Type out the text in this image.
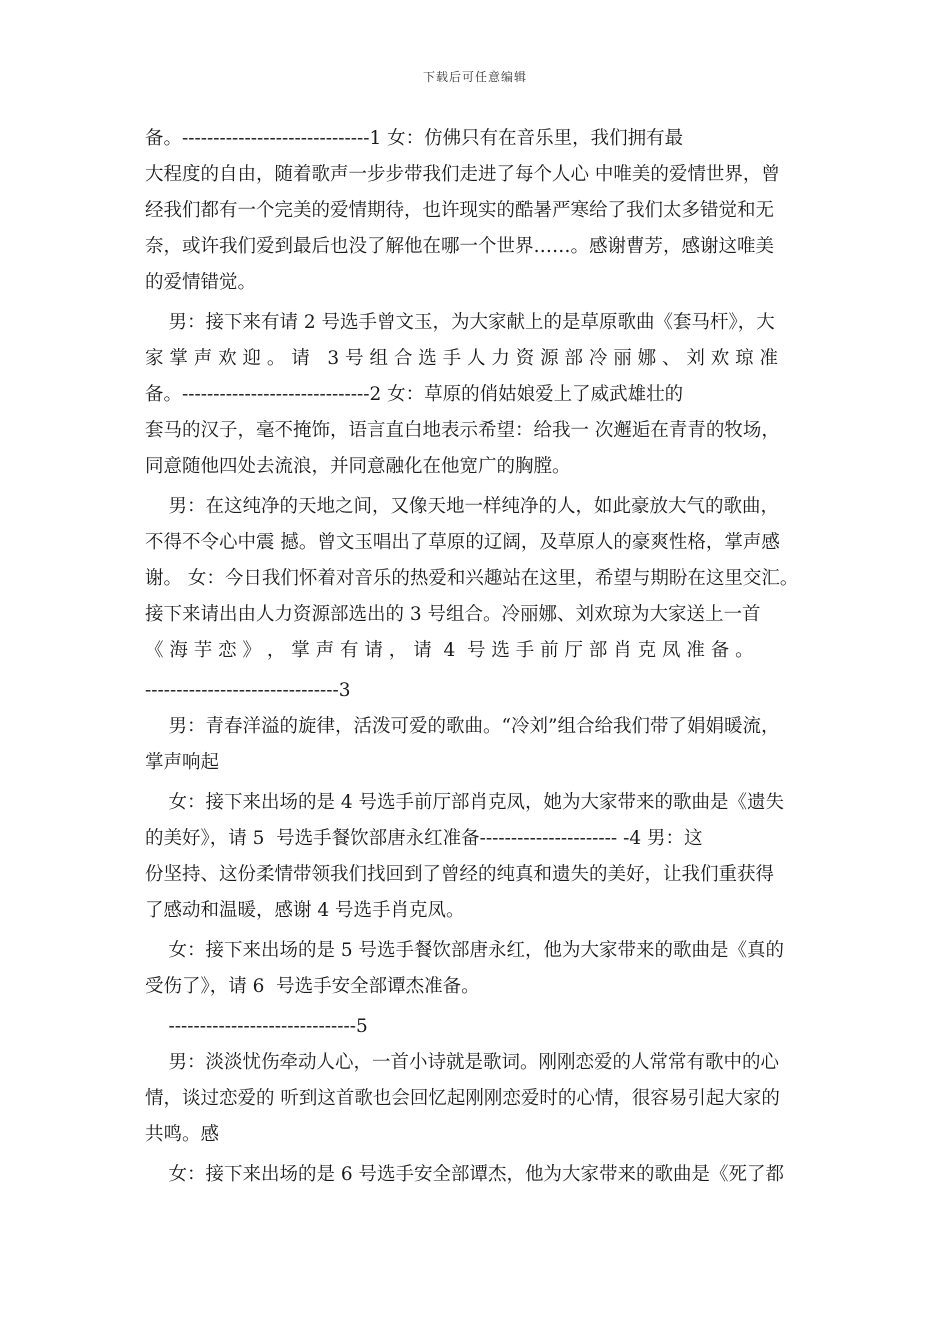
下载后可任意编辑
备。------------------------------1 女：仿佛只有在音乐里，我们拥有最
大程度的自由，随着歌声一步步带我们走进了每个人心 中唯美的爱情世界，曾
经我们都有一个完美的爱情期待，也许现实的酷暑严寒给了我们太多错觉和无
奈，或许我们爱到最后也没了解他在哪一个世界……。感谢曹芳，感谢这唯美
的爱情错觉。
男：接下来有请 2 号选手曾文玉，为大家献上的是草原歌曲《套马杆》，大
家 掌 声 欢 迎 。 请   3 号 组 合 选 手 人 力 资 源 部 冷 丽 娜 、 刘 欢 琼 准
备。------------------------------2 女：草原的俏姑娘爱上了威武雄壮的
套马的汉子，毫不掩饰，语言直白地表示希望：给我一 次邂逅在青青的牧场，
同意随他四处去流浪，并同意融化在他宽广的胸膛。
男：在这纯净的天地之间，又像天地一样纯净的人，如此豪放大气的歌曲，
不得不令心中震 撼。曾文玉唱出了草原的辽阔，及草原人的豪爽性格，掌声感
谢。 女：今日我们怀着对音乐的热爱和兴趣站在这里，希望与期盼在这里交汇。
接下来请出由人力资源部选出的 3 号组合。冷丽娜、刘欢琼为大家送上一首
《 海 芋 恋 》 ， 掌 声 有 请 ， 请  4  号 选 手 前 厅 部 肖 克 凤 准 备 。
-------------------------------3
男：青春洋溢的旋律，活泼可爱的歌曲。“冷刘”组合给我们带了娟娟暖流，
掌声响起
女：接下来出场的是 4 号选手前厅部肖克凤，她为大家带来的歌曲是《遗失
的美好》，请 5  号选手餐饮部唐永红准备---------------------- -4 男：这
份坚持、这份柔情带领我们找回到了曾经的纯真和遗失的美好，让我们重获得
了感动和温暖，感谢 4 号选手肖克凤。
女：接下来出场的是 5 号选手餐饮部唐永红，他为大家带来的歌曲是《真的
受伤了》，请 6  号选手安全部谭杰准备。
------------------------------5
男：淡淡忧伤牵动人心，一首小诗就是歌词。刚刚恋爱的人常常有歌中的心
情，谈过恋爱的 听到这首歌也会回忆起刚刚恋爱时的心情，很容易引起大家的
共鸣。感
女：接下来出场的是 6 号选手安全部谭杰，他为大家带来的歌曲是《死了都
